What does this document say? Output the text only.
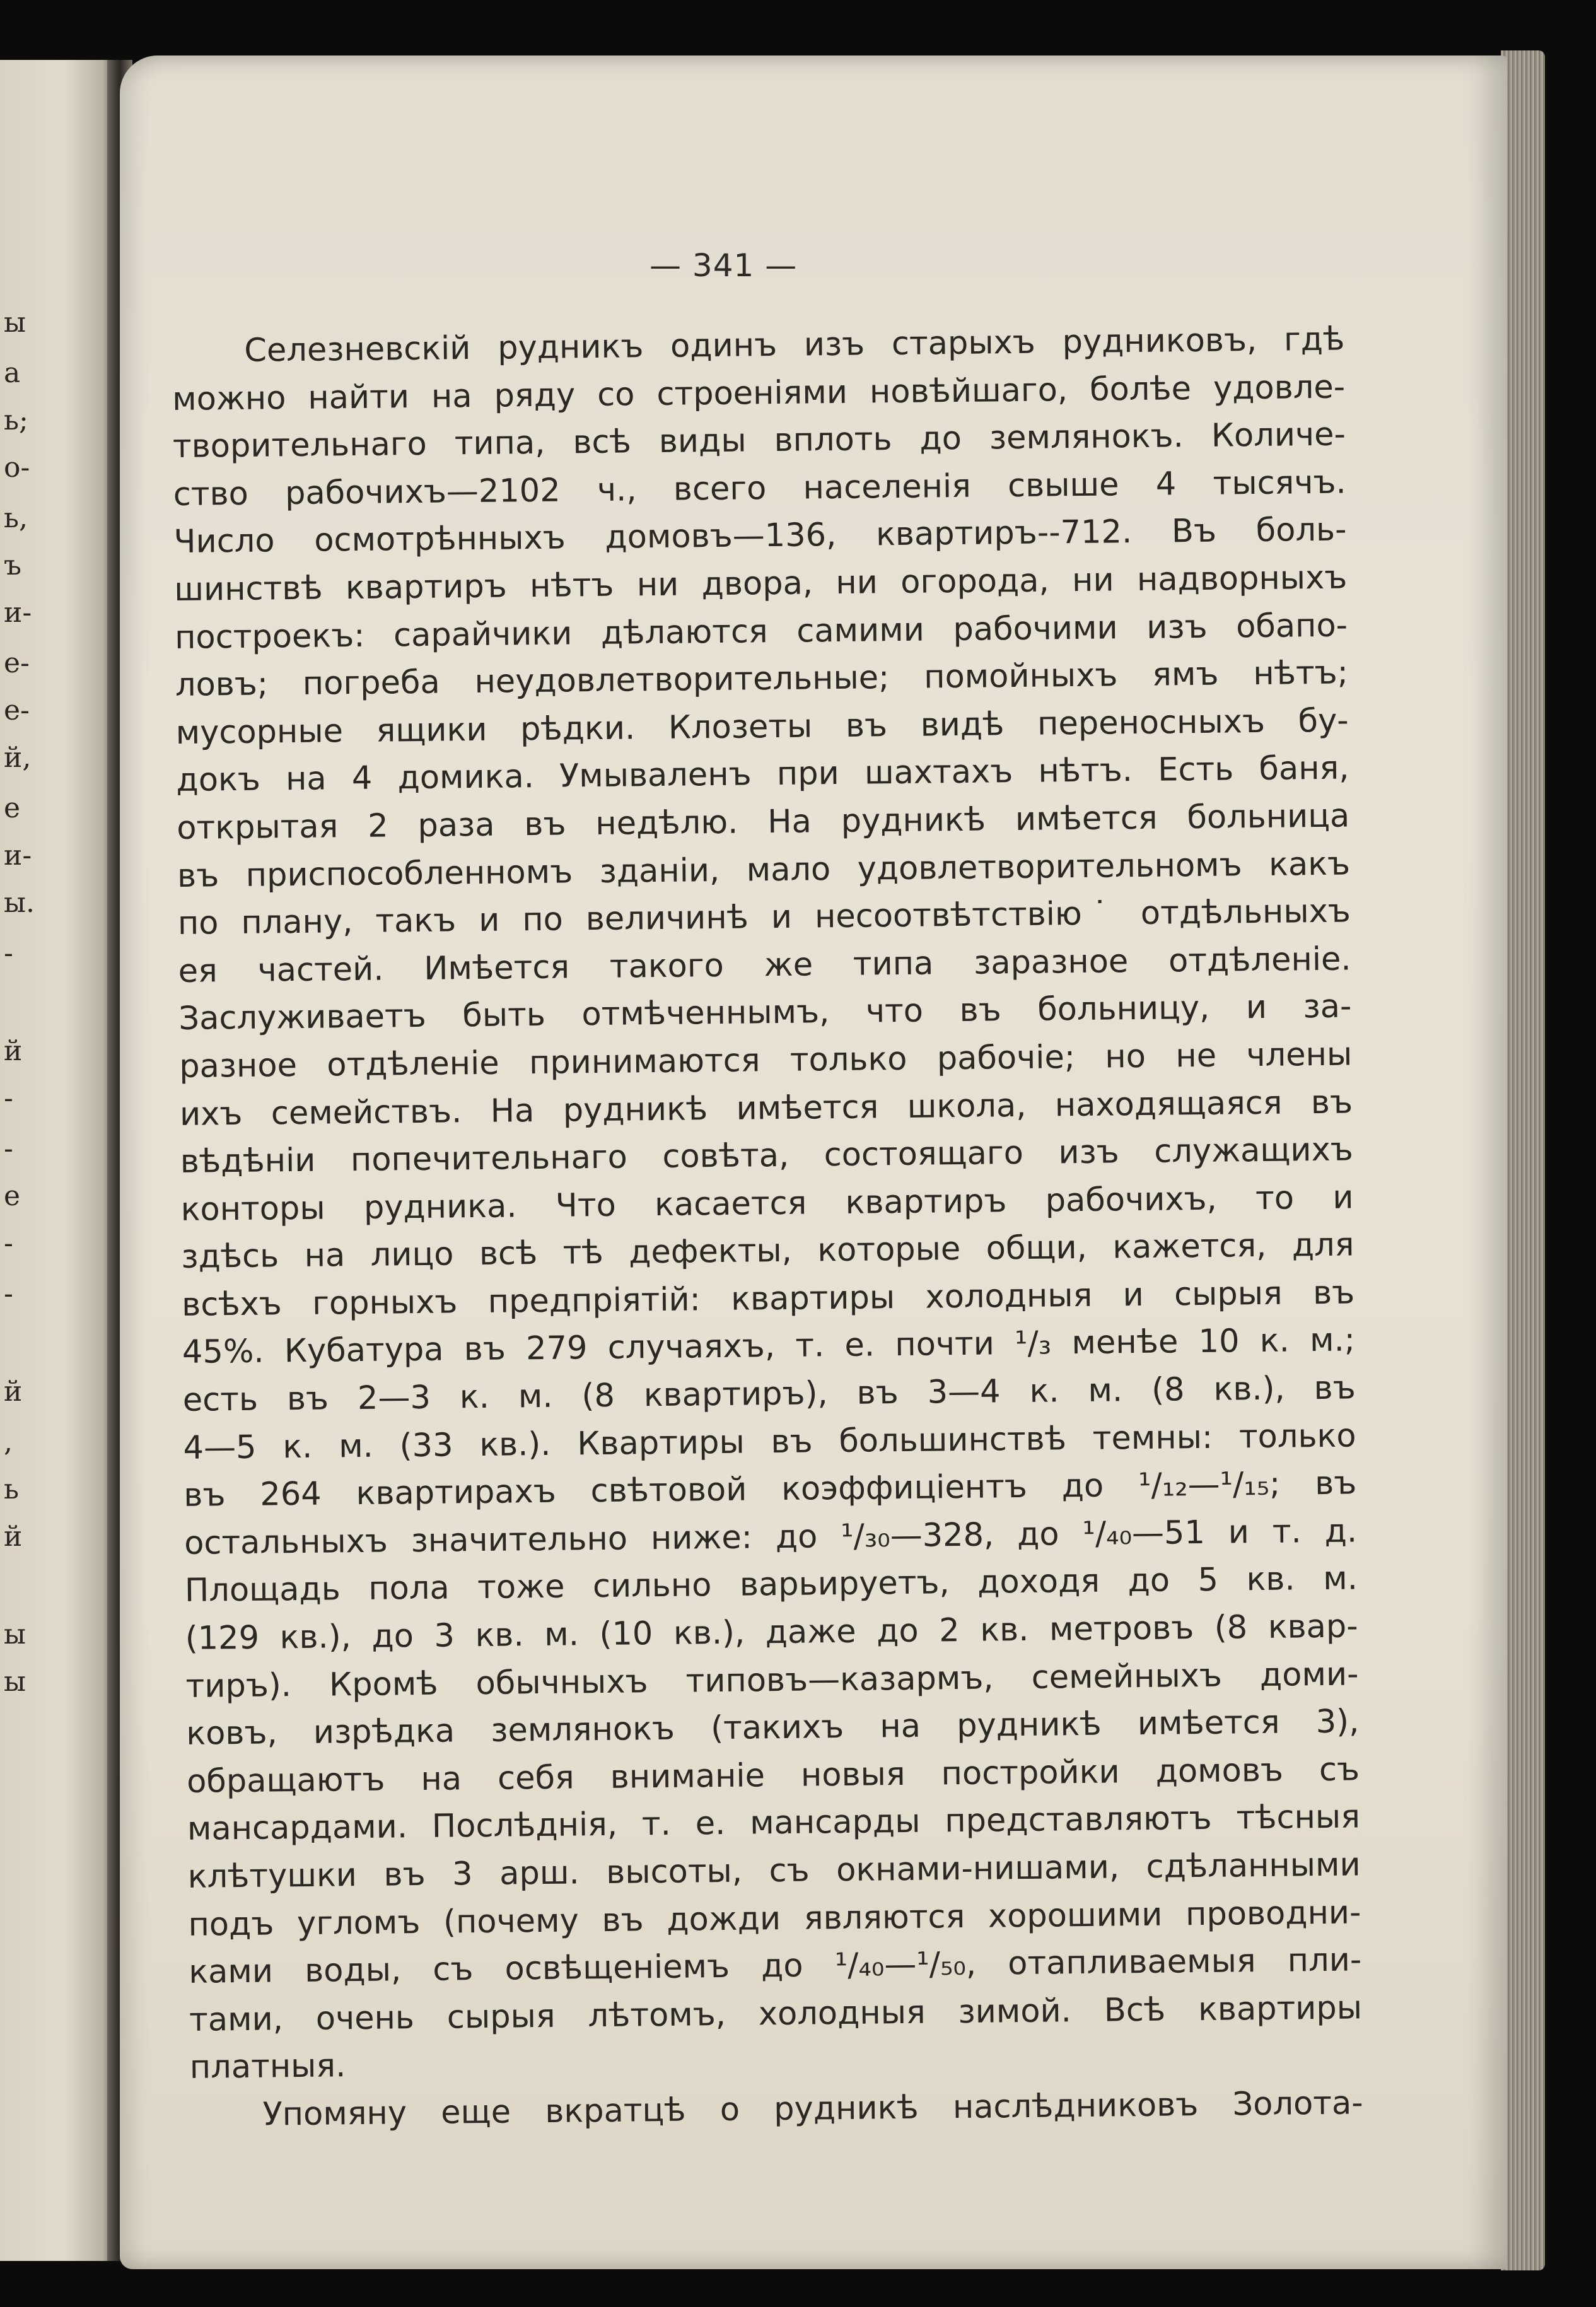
ы
а
ь;
о-
ь,
ъ
и-
е-
е-
й,
е
и-
ы.
-
й
-
-
е
-
-
й
,
ь
й
ы
ы
— 341 —
Селезневскій рудникъ одинъ изъ старыхъ рудниковъ, гдѣ
можно найти на ряду со строеніями новѣйшаго, болѣе удовле-
творительнаго типа, всѣ виды вплоть до землянокъ. Количе-
ство рабочихъ—2102 ч., всего населенія свыше 4 тысячъ.
Число осмотрѣнныхъ домовъ—136, квартиръ--712. Въ боль-
шинствѣ квартиръ нѣтъ ни двора, ни огорода, ни надворныхъ
построекъ: сарайчики дѣлаются самими рабочими изъ обапо-
ловъ; погреба неудовлетворительные; помойныхъ ямъ нѣтъ;
мусорные ящики рѣдки. Клозеты въ видѣ переносныхъ бу-
докъ на 4 домика. Умываленъ при шахтахъ нѣтъ. Есть баня,
открытая 2 раза въ недѣлю. На рудникѣ имѣется больница
въ приспособленномъ зданіи, мало удовлетворительномъ какъ
по плану, такъ и по величинѣ и несоотвѣтствію˙ отдѣльныхъ
ея частей. Имѣется такого же типа заразное отдѣленіе.
Заслуживаетъ быть отмѣченнымъ, что въ больницу, и за-
разное отдѣленіе принимаются только рабочіе; но не члены
ихъ семействъ. На рудникѣ имѣется школа, находящаяся въ
вѣдѣніи попечительнаго совѣта, состоящаго изъ служащихъ
конторы рудника. Что касается квартиръ рабочихъ, то и
здѣсь на лицо всѣ тѣ дефекты, которые общи, кажется, для
всѣхъ горныхъ предпріятій: квартиры холодныя и сырыя въ
45%. Кубатура въ 279 случаяхъ, т. е. почти ¹/₃ менѣе 10 к. м.;
есть въ 2—3 к. м. (8 квартиръ), въ 3—4 к. м. (8 кв.), въ
4—5 к. м. (33 кв.). Квартиры въ большинствѣ темны: только
въ 264 квартирахъ свѣтовой коэффиціентъ до ¹/₁₂—¹/₁₅; въ
остальныхъ значительно ниже: до ¹/₃₀—328, до ¹/₄₀—51 и т. д.
Площадь пола тоже сильно варьируетъ, доходя до 5 кв. м.
(129 кв.), до 3 кв. м. (10 кв.), даже до 2 кв. метровъ (8 квар-
тиръ). Кромѣ обычныхъ типовъ—казармъ, семейныхъ доми-
ковъ, изрѣдка землянокъ (такихъ на рудникѣ имѣется 3),
обращаютъ на себя вниманіе новыя постройки домовъ съ
мансардами. Послѣднія, т. е. мансарды представляютъ тѣсныя
клѣтушки въ 3 арш. высоты, съ окнами-нишами, сдѣланными
подъ угломъ (почему въ дожди являются хорошими проводни-
ками воды, съ освѣщеніемъ до ¹/₄₀—¹/₅₀, отапливаемыя пли-
тами, очень сырыя лѣтомъ, холодныя зимой. Всѣ квартиры
платныя.
Упомяну еще вкратцѣ о рудникѣ наслѣдниковъ Золота-
